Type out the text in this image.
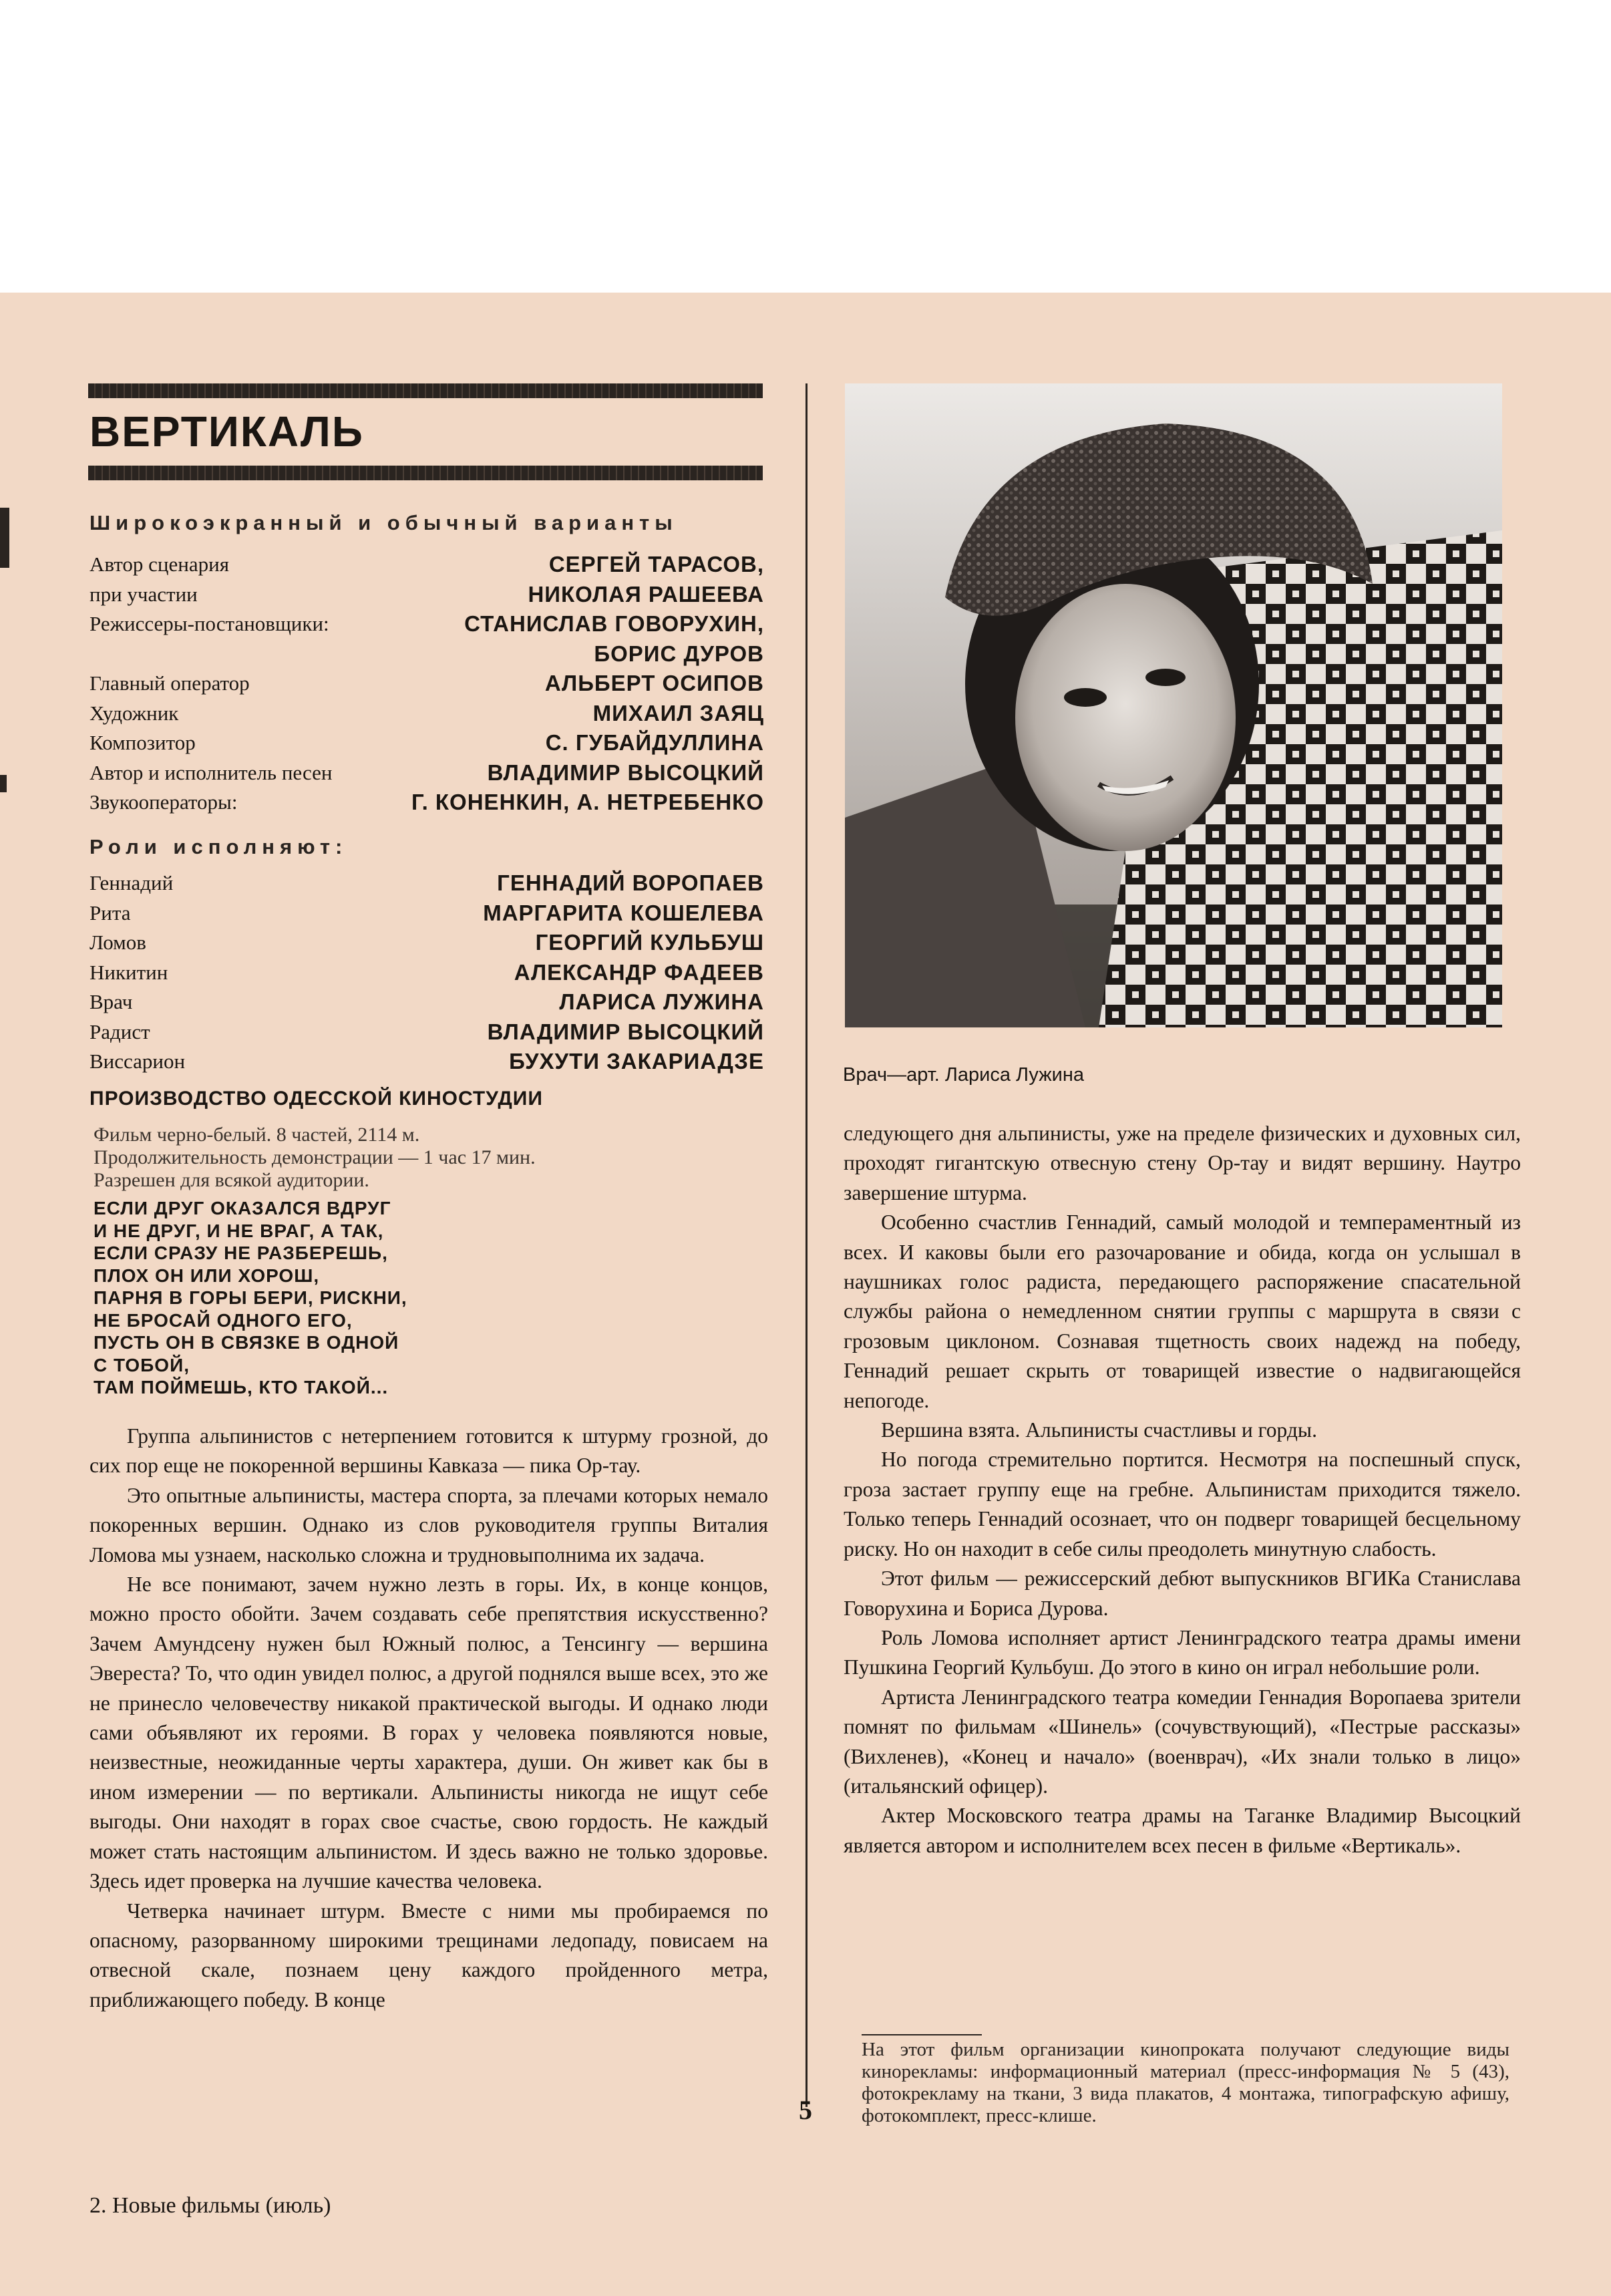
ВЕРТИКАЛЬ
Широкоэкранный и обычный варианты
Автор сценария	СЕРГЕЙ ТАРАСОВ,
при участии	НИКОЛАЯ РАШЕЕВА
Режиссеры-постановщики:	СТАНИСЛАВ ГОВОРУХИН,
БОРИС ДУРОВ
Главный оператор	АЛЬБЕРТ ОСИПОВ
Художник	МИХАИЛ ЗАЯЦ
Композитор	С. ГУБАЙДУЛЛИНА
Автор и исполнитель песен	ВЛАДИМИР ВЫСОЦКИЙ
Звукооператоры:	Г. КОНЕНКИН, А. НЕТРЕБЕНКО
Роли исполняют:
Геннадий	ГЕННАДИЙ ВОРОПАЕВ
Рита	МАРГАРИТА КОШЕЛЕВА
Ломов	ГЕОРГИЙ КУЛЬБУШ
Никитин	АЛЕКСАНДР ФАДЕЕВ
Врач	ЛАРИСА ЛУЖИНА
Радист	ВЛАДИМИР ВЫСОЦКИЙ
Виссарион	БУХУТИ ЗАКАРИАДЗЕ
ПРОИЗВОДСТВО ОДЕССКОЙ КИНОСТУДИИ
Фильм черно-белый. 8 частей, 2114 м.
Продолжительность демонстрации — 1 час 17 мин.
Разрешен для всякой аудитории.
ЕСЛИ ДРУГ ОКАЗАЛСЯ ВДРУГ
И НЕ ДРУГ, И НЕ ВРАГ, А ТАК,
ЕСЛИ СРАЗУ НЕ РАЗБЕРЕШЬ,
ПЛОХ ОН ИЛИ ХОРОШ,
ПАРНЯ В ГОРЫ БЕРИ, РИСКНИ,
НЕ БРОСАЙ ОДНОГО ЕГО,
ПУСТЬ ОН В СВЯЗКЕ В ОДНОЙ
С ТОБОЙ,
ТАМ ПОЙМЕШЬ, КТО ТАКОЙ...
Группа альпинистов с нетерпением готовится к штурму грозной, до сих пор еще не покоренной вершины Кавказа — пика Ор-тау.
Это опытные альпинисты, мастера спорта, за плечами которых немало покоренных вершин. Однако из слов руководителя группы Виталия Ломова мы узнаем, насколько сложна и трудновыполнима их задача.
Не все понимают, зачем нужно лезть в горы. Их, в конце концов, можно просто обойти. Зачем создавать себе препятствия искусственно? Зачем Амундсену нужен был Южный полюс, а Тенсингу — вершина Эвереста? То, что один увидел полюс, а другой поднялся выше всех, это же не принесло человечеству никакой практической выгоды. И однако люди сами объявляют их героями. В горах у человека появляются новые, неизвестные, неожиданные черты характера, души. Он живет как бы в ином измерении — по вертикали. Альпинисты никогда не ищут себе выгоды. Они находят в горах свое счастье, свою гордость. Не каждый может стать настоящим альпинистом. И здесь важно не только здоровье. Здесь идет проверка на лучшие качества человека.
Четверка начинает штурм. Вместе с ними мы пробираемся по опасному, разорванному широкими трещинами ледопаду, повисаем на отвесной скале, познаем цену каждого пройденного метра, приближающего победу. В конце
Врач—арт. Лариса Лужина
следующего дня альпинисты, уже на пределе физических и духовных сил, проходят гигантскую отвесную стену Ор-тау и видят вершину. Наутро завершение штурма.
Особенно счастлив Геннадий, самый молодой и темпераментный из всех. И каковы были его разочарование и обида, когда он услышал в наушниках голос радиста, передающего распоряжение спасательной службы района о немедленном снятии группы с маршрута в связи с грозовым циклоном. Сознавая тщетность своих надежд на победу, Геннадий решает скрыть от товарищей известие о надвигающейся непогоде.
Вершина взята. Альпинисты счастливы и горды.
Но погода стремительно портится. Несмотря на поспешный спуск, гроза застает группу еще на гребне. Альпинистам приходится тяжело. Только теперь Геннадий осознает, что он подверг товарищей бесцельному риску. Но он находит в себе силы преодолеть минутную слабость.
Этот фильм — режиссерский дебют выпускников ВГИКа Станислава Говорухина и Бориса Дурова.
Роль Ломова исполняет артист Ленинградского театра драмы имени Пушкина Георгий Кульбуш. До этого в кино он играл небольшие роли.
Артиста Ленинградского театра комедии Геннадия Воропаева зрители помнят по фильмам «Шинель» (сочувствующий), «Пестрые рассказы» (Вихленев), «Конец и начало» (военврач), «Их знали только в лицо» (итальянский офицер).
Актер Московского театра драмы на Таганке Владимир Высоцкий является автором и исполнителем всех песен в фильме «Вертикаль».
На этот фильм организации кинопроката получают следующие виды кинорекламы: информационный материал (пресс-информация № 5 (43), фотокрекламу на ткани, 3 вида плакатов, 4 монтажа, типографскую афишу, фотокомплект, пресс-клише.
5
2. Новые фильмы (июль)
